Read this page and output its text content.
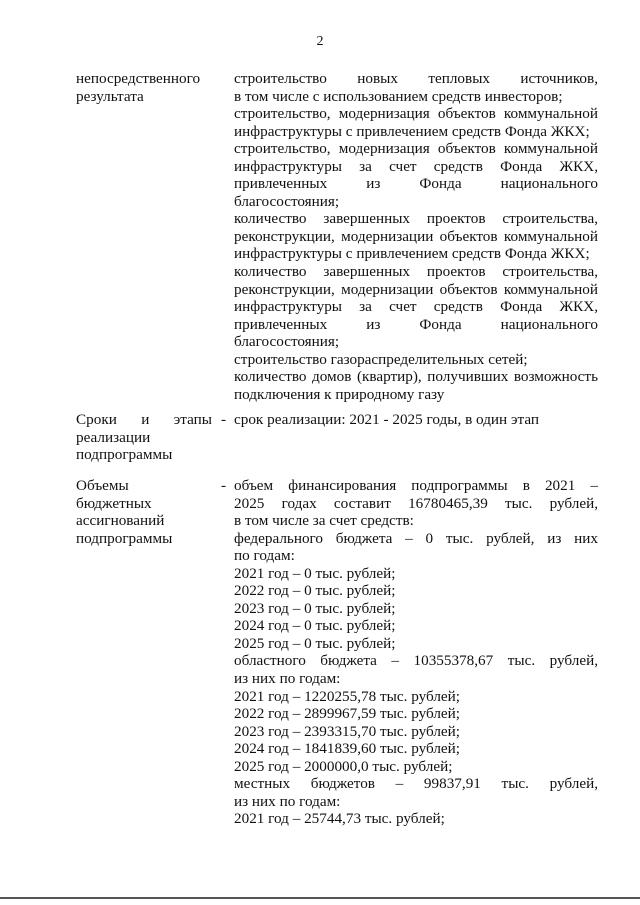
2
непосредственного
результата
строительство новых тепловых источников,
в том числе с использованием средств инвесторов;
строительство, модернизация объектов коммунальной
инфраструктуры с привлечением средств Фонда ЖКХ;
строительство, модернизация объектов коммунальной
инфраструктуры за счет средств Фонда ЖКХ,
привлеченных из Фонда национального
благосостояния;
количество завершенных проектов строительства,
реконструкции, модернизации объектов коммунальной
инфраструктуры с привлечением средств Фонда ЖКХ;
количество завершенных проектов строительства,
реконструкции, модернизации объектов коммунальной
инфраструктуры за счет средств Фонда ЖКХ,
привлеченных из Фонда национального
благосостояния;
строительство газораспределительных сетей;
количество домов (квартир), получивших возможность
подключения к природному газу
Сроки и этапы
реализации
подпрограммы
- срок реализации: 2021 - 2025 годы, в один этап
Объемы
бюджетных
ассигнований
подпрограммы
- объем финансирования подпрограммы в 2021 –
2025 годах составит 16780465,39 тыс. рублей,
в том числе за счет средств:
федерального бюджета – 0 тыс. рублей, из них
по годам:
2021 год – 0 тыс. рублей;
2022 год – 0 тыс. рублей;
2023 год – 0 тыс. рублей;
2024 год – 0 тыс. рублей;
2025 год – 0 тыс. рублей;
областного бюджета – 10355378,67 тыс. рублей,
из них по годам:
2021 год – 1220255,78 тыс. рублей;
2022 год – 2899967,59 тыс. рублей;
2023 год – 2393315,70 тыс. рублей;
2024 год – 1841839,60 тыс. рублей;
2025 год – 2000000,0 тыс. рублей;
местных бюджетов – 99837,91 тыс. рублей,
из них по годам:
2021 год – 25744,73 тыс. рублей;
